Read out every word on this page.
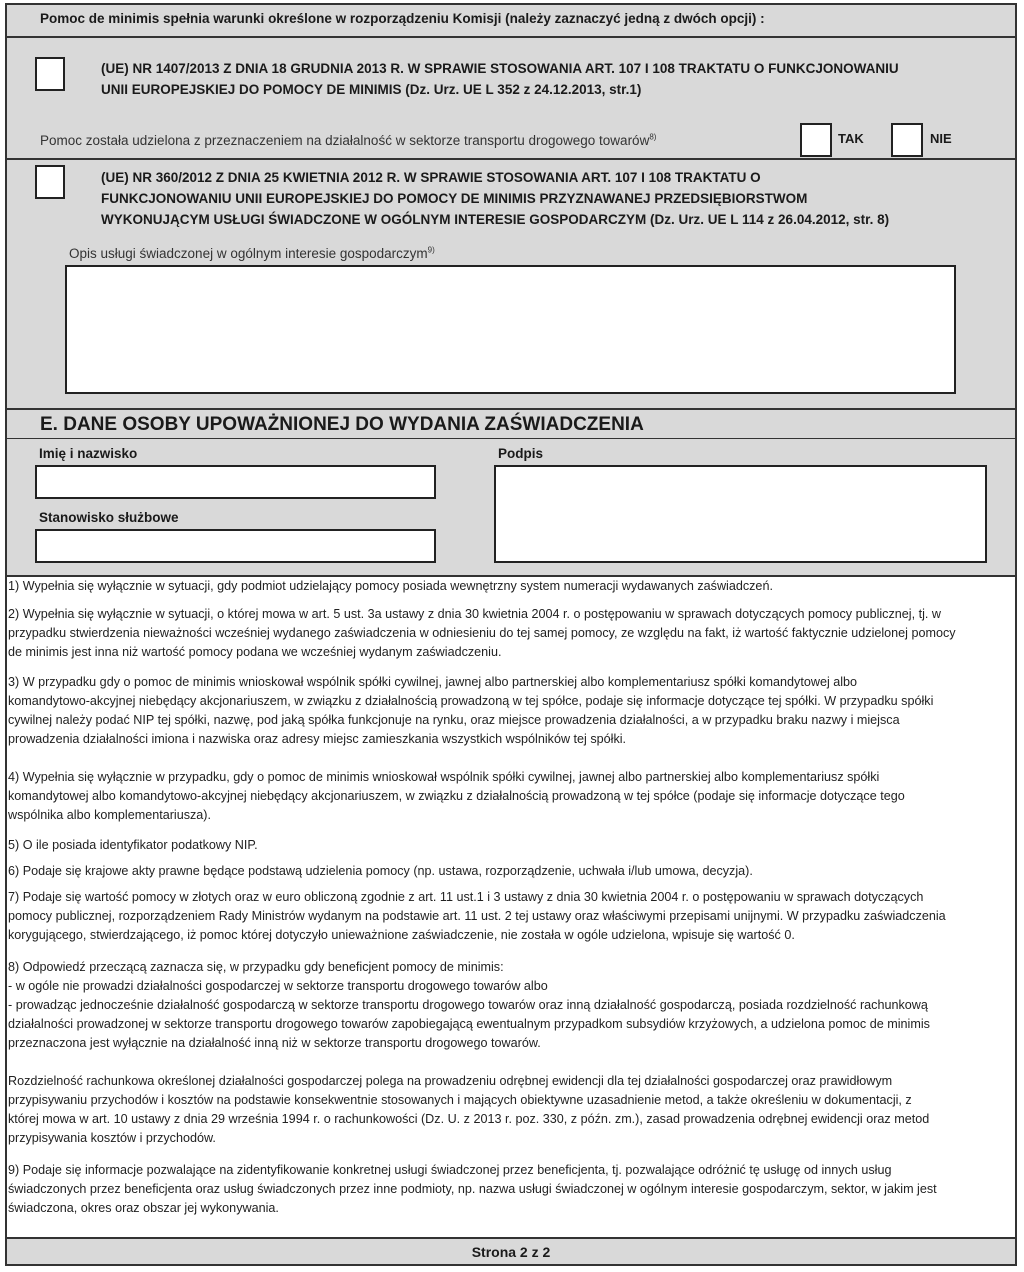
Pomoc de minimis spełnia warunki określone w rozporządzeniu Komisji (należy zaznaczyć jedną z dwóch opcji) :
(UE) NR 1407/2013 Z DNIA 18 GRUDNIA 2013 R. W SPRAWIE STOSOWANIA ART. 107 I 108 TRAKTATU O FUNKCJONOWANIU
UNII EUROPEJSKIEJ DO POMOCY DE MINIMIS (Dz. Urz. UE L 352 z 24.12.2013, str.1)
Pomoc została udzielona z przeznaczeniem na działalność w sektorze transportu drogowego towarów$^{8)}$	TAK	NIE
(UE) NR 360/2012 Z DNIA 25 KWIETNIA 2012 R. W SPRAWIE STOSOWANIA ART. 107 I 108 TRAKTATU O
FUNKCJONOWANIU UNII EUROPEJSKIEJ DO POMOCY DE MINIMIS PRZYZNAWANEJ PRZEDSIĘBIORSTWOM
WYKONUJĄCYM USŁUGI ŚWIADCZONE W OGÓLNYM INTERESIE GOSPODARCZYM (Dz. Urz. UE L 114 z 26.04.2012, str. 8)
Opis usługi świadczonej w ogólnym interesie gospodarczym$^{9)}$
E. DANE OSOBY UPOWAŻNIONEJ DO WYDANIA ZAŚWIADCZENIA
Imię i nazwisko
Stanowisko służbowe
Podpis
1) Wypełnia się wyłącznie w sytuacji, gdy podmiot udzielający pomocy posiada wewnętrzny system numeracji wydawanych zaświadczeń.
2) Wypełnia się wyłącznie w sytuacji, o której mowa w art. 5 ust. 3a ustawy z dnia 30 kwietnia 2004 r. o postępowaniu w sprawach dotyczących pomocy publicznej, tj. w
przypadku stwierdzenia nieważności wcześniej wydanego zaświadczenia w odniesieniu do tej samej pomocy, ze względu na fakt, iż wartość faktycznie udzielonej pomocy
de minimis jest inna niż wartość pomocy podana we wcześniej wydanym zaświadczeniu.
3) W przypadku gdy o pomoc de minimis wnioskował wspólnik spółki cywilnej, jawnej albo partnerskiej albo komplementariusz spółki komandytowej albo
komandytowo-akcyjnej niebędący akcjonariuszem, w związku z działalnością prowadzoną w tej spółce, podaje się informacje dotyczące tej spółki. W przypadku spółki
cywilnej należy podać NIP tej spółki, nazwę, pod jaką spółka funkcjonuje na rynku, oraz miejsce prowadzenia działalności, a w przypadku braku nazwy i miejsca
prowadzenia działalności imiona i nazwiska oraz adresy miejsc zamieszkania wszystkich wspólników tej spółki.
4) Wypełnia się wyłącznie w przypadku, gdy o pomoc de minimis wnioskował wspólnik spółki cywilnej, jawnej albo partnerskiej albo komplementariusz spółki
komandytowej albo komandytowo-akcyjnej niebędący akcjonariuszem, w związku z działalnością prowadzoną w tej spółce (podaje się informacje dotyczące tego
wspólnika albo komplementariusza).
5) O ile posiada identyfikator podatkowy NIP.
6) Podaje się krajowe akty prawne będące podstawą udzielenia pomocy (np. ustawa, rozporządzenie, uchwała i/lub umowa, decyzja).
7) Podaje się wartość pomocy w złotych oraz w euro obliczoną zgodnie z art. 11 ust.1 i 3 ustawy z dnia 30 kwietnia 2004 r. o postępowaniu w sprawach dotyczących
pomocy publicznej, rozporządzeniem Rady Ministrów wydanym na podstawie art. 11 ust. 2 tej ustawy oraz właściwymi przepisami unijnymi. W przypadku zaświadczenia
korygującego, stwierdzającego, iż pomoc której dotyczyło unieważnione zaświadczenie, nie została w ogóle udzielona, wpisuje się wartość 0.
8) Odpowiedź przeczącą zaznacza się, w przypadku gdy beneficjent pomocy de minimis:
- w ogóle nie prowadzi działalności gospodarczej w sektorze transportu drogowego towarów albo
- prowadząc jednocześnie działalność gospodarczą w sektorze transportu drogowego towarów oraz inną działalność gospodarczą, posiada rozdzielność rachunkową
działalności prowadzonej w sektorze transportu drogowego towarów zapobiegającą ewentualnym przypadkom subsydiów krzyżowych, a udzielona pomoc de minimis
przeznaczona jest wyłącznie na działalność inną niż w sektorze transportu drogowego towarów.
Rozdzielność rachunkowa określonej działalności gospodarczej polega na prowadzeniu odrębnej ewidencji dla tej działalności gospodarczej oraz prawidłowym
przypisywaniu przychodów i kosztów na podstawie konsekwentnie stosowanych i mających obiektywne uzasadnienie metod, a także określeniu w dokumentacji, z
której mowa w art. 10 ustawy z dnia 29 września 1994 r. o rachunkowości (Dz. U. z 2013 r. poz. 330, z późn. zm.), zasad prowadzenia odrębnej ewidencji oraz metod
przypisywania kosztów i przychodów.
9) Podaje się informacje pozwalające na zidentyfikowanie konkretnej usługi świadczonej przez beneficjenta, tj. pozwalające odróżnić tę usługę od innych usług
świadczonych przez beneficjenta oraz usług świadczonych przez inne podmioty, np. nazwa usługi świadczonej w ogólnym interesie gospodarczym, sektor, w jakim jest
świadczona, okres oraz obszar jej wykonywania.
Strona 2 z 2
